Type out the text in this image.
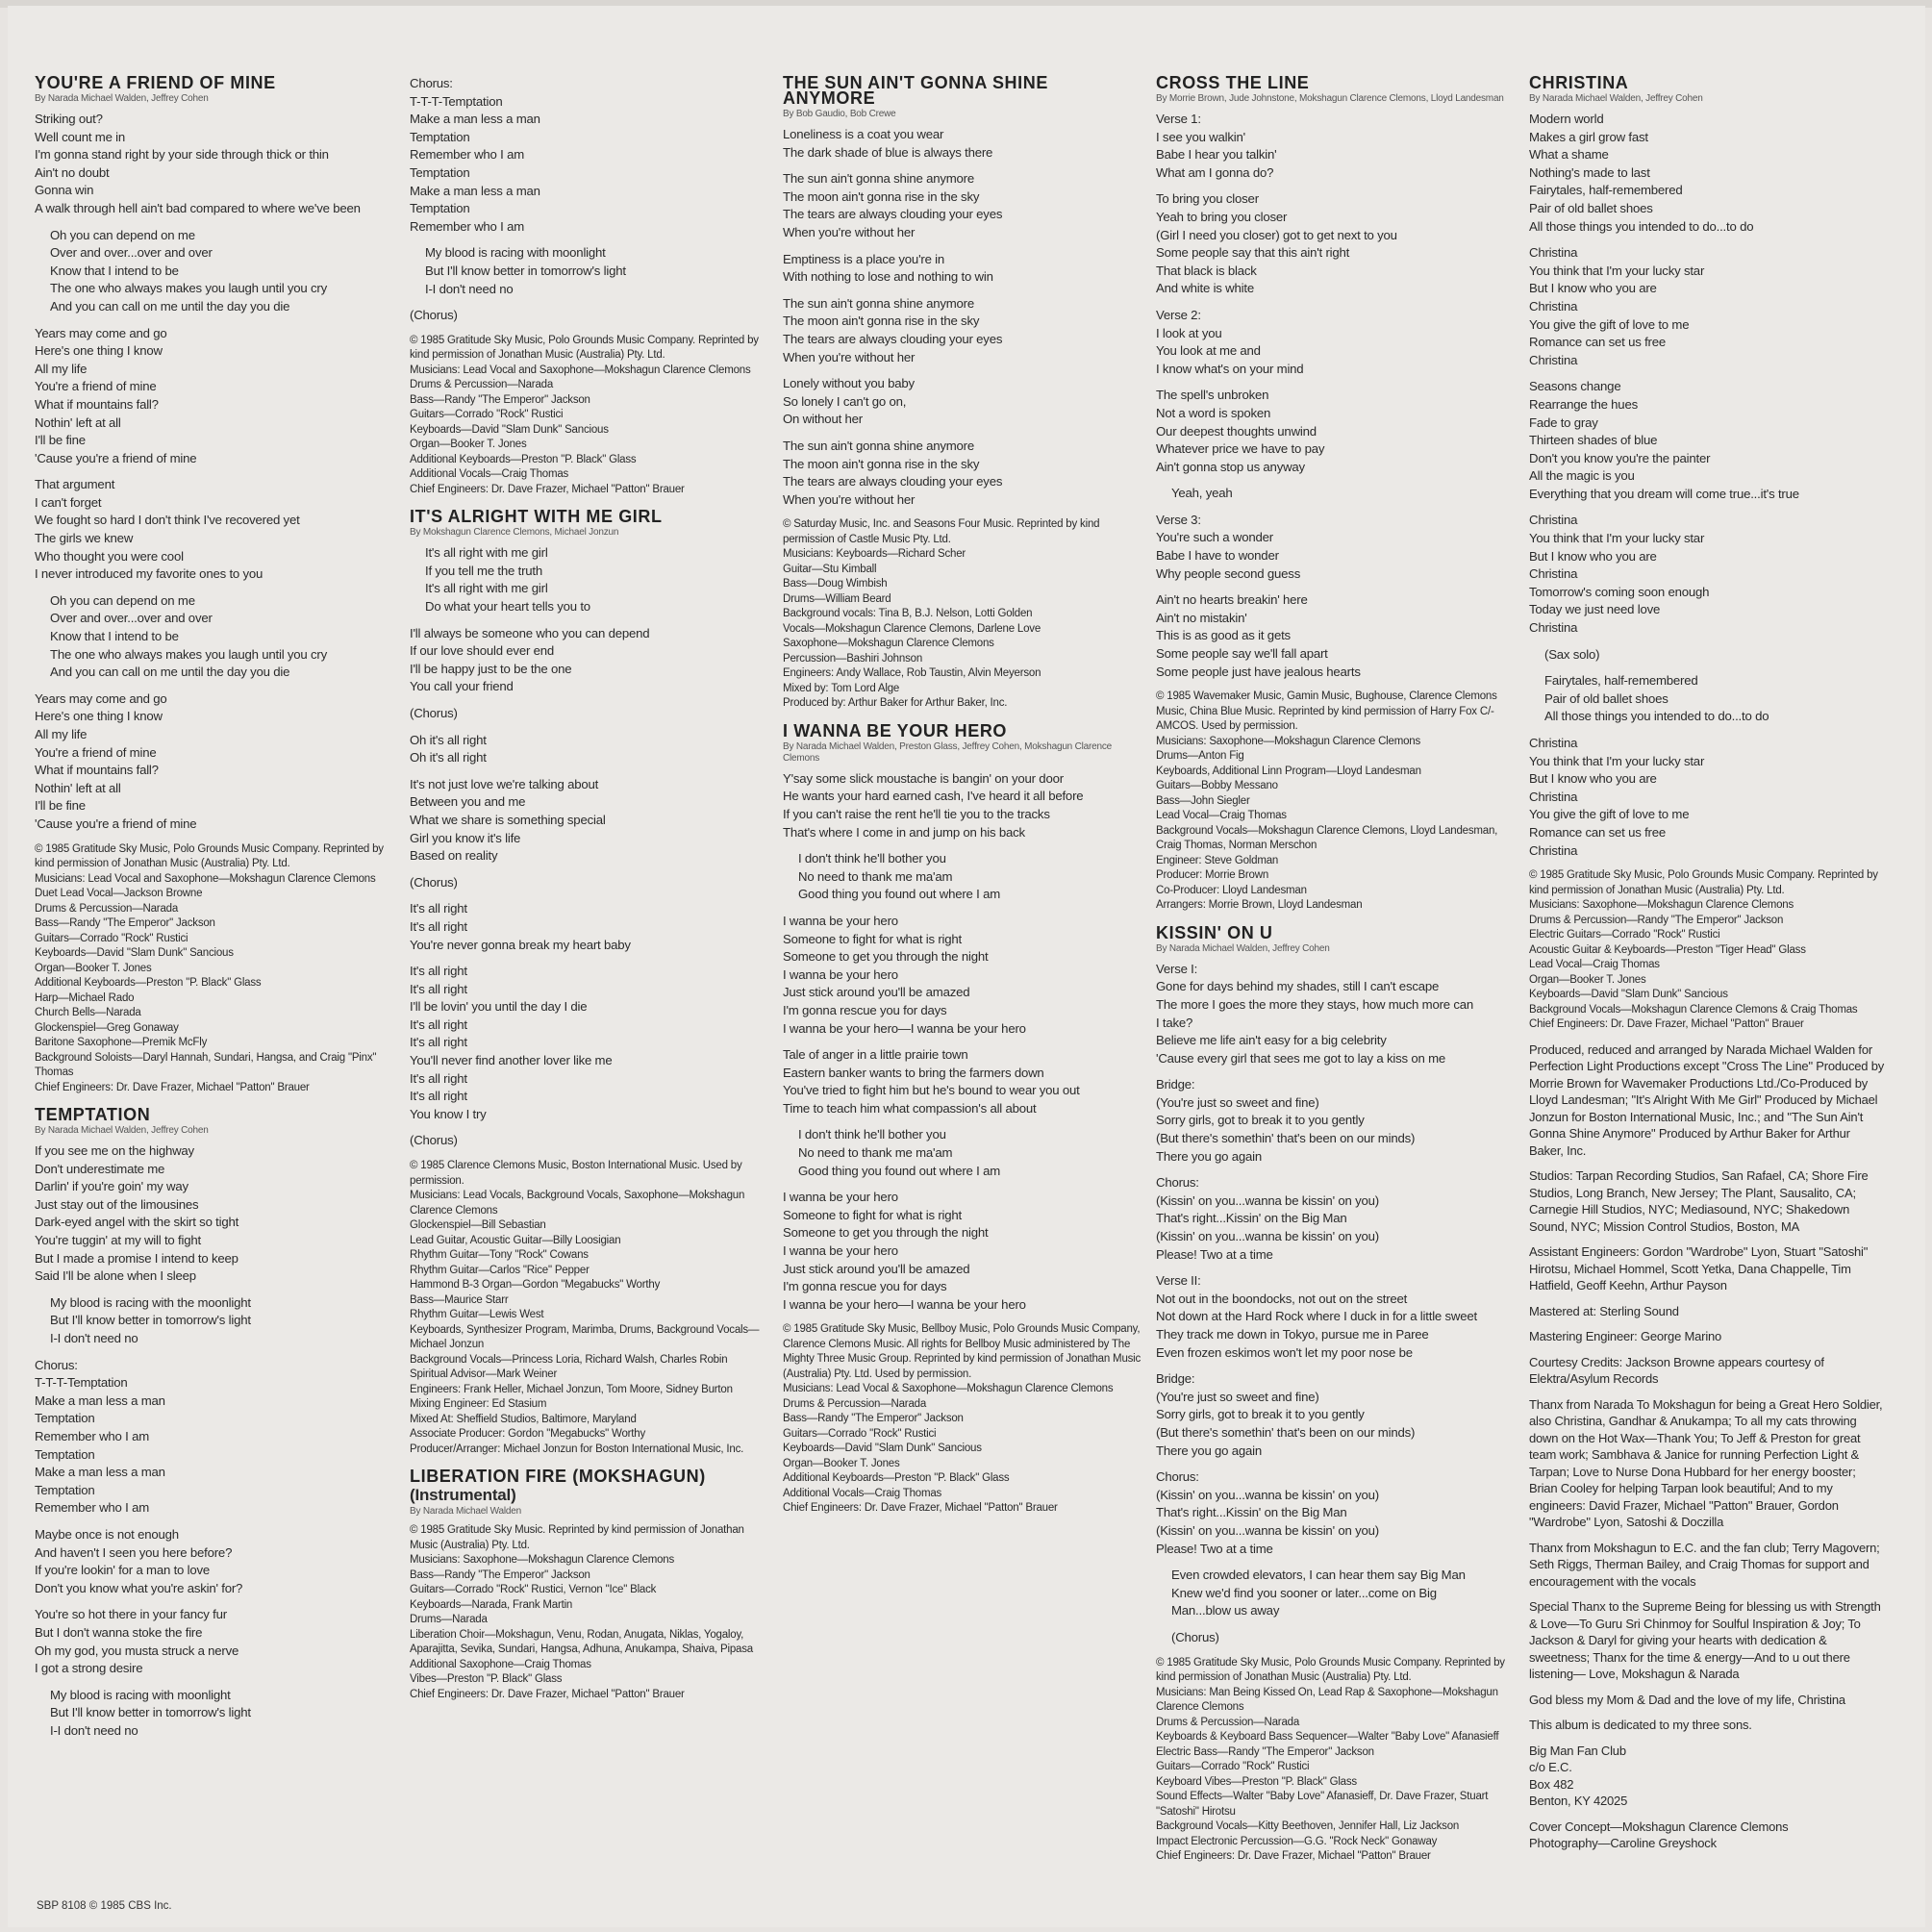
YOU'RE A FRIEND OF MINE
By Narada Michael Walden, Jeffrey Cohen
Striking out?
Well count me in
I'm gonna stand right by your side through thick or thin
Ain't no doubt
Gonna win
A walk through hell ain't bad compared to where we've been
Oh you can depend on me
Over and over...over and over
Know that I intend to be
The one who always makes you laugh until you cry
And you can call on me until the day you die
Years may come and go
Here's one thing I know
All my life
You're a friend of mine
What if mountains fall?
Nothin' left at all
I'll be fine
'Cause you're a friend of mine
That argument
I can't forget
We fought so hard I don't think I've recovered yet
The girls we knew
Who thought you were cool
I never introduced my favorite ones to you
Oh you can depend on me
Over and over...over and over
Know that I intend to be
The one who always makes you laugh until you cry
And you can call on me until the day you die
Years may come and go
Here's one thing I know
All my life
You're a friend of mine
What if mountains fall?
Nothin' left at all
I'll be fine
'Cause you're a friend of mine
© 1985 Gratitude Sky Music, Polo Grounds Music Company. Reprinted by kind permission of Jonathan Music (Australia) Pty. Ltd.
Musicians: Lead Vocal and Saxophone—Mokshagun Clarence Clemons
Duet Lead Vocal—Jackson Browne
Drums & Percussion—Narada
Bass—Randy "The Emperor" Jackson
Guitars—Corrado "Rock" Rustici
Keyboards—David "Slam Dunk" Sancious
Organ—Booker T. Jones
Additional Keyboards—Preston "P. Black" Glass
Harp—Michael Rado
Church Bells—Narada
Glockenspiel—Greg Gonaway
Baritone Saxophone—Premik McFly
Background Soloists—Daryl Hannah, Sundari, Hangsa, and Craig "Pinx" Thomas
Chief Engineers: Dr. Dave Frazer, Michael "Patton" Brauer
TEMPTATION
By Narada Michael Walden, Jeffrey Cohen
If you see me on the highway
Don't underestimate me
Darlin' if you're goin' my way
Just stay out of the limousines
Dark-eyed angel with the skirt so tight
You're tuggin' at my will to fight
But I made a promise I intend to keep
Said I'll be alone when I sleep
My blood is racing with the moonlight
But I'll know better in tomorrow's light
I-I don't need no
Chorus:
T-T-T-Temptation
Make a man less a man
Temptation
Remember who I am
Temptation
Make a man less a man
Temptation
Remember who I am
Maybe once is not enough
And haven't I seen you here before?
If you're lookin' for a man to love
Don't you know what you're askin' for?
You're so hot there in your fancy fur
But I don't wanna stoke the fire
Oh my god, you musta struck a nerve
I got a strong desire
My blood is racing with moonlight
But I'll know better in tomorrow's light
I-I don't need no
Chorus:
T-T-T-Temptation
Make a man less a man
Temptation
Remember who I am
Temptation
Make a man less a man
Temptation
Remember who I am
My blood is racing with moonlight
But I'll know better in tomorrow's light
I-I don't need no
(Chorus)
© 1985 Gratitude Sky Music, Polo Grounds Music Company. Reprinted by kind permission of Jonathan Music (Australia) Pty. Ltd.
Musicians: Lead Vocal and Saxophone—Mokshagun Clarence Clemons
Drums & Percussion—Narada
Bass—Randy "The Emperor" Jackson
Guitars—Corrado "Rock" Rustici
Keyboards—David "Slam Dunk" Sancious
Organ—Booker T. Jones
Additional Keyboards—Preston "P. Black" Glass
Additional Vocals—Craig Thomas
Chief Engineers: Dr. Dave Frazer, Michael "Patton" Brauer
IT'S ALRIGHT WITH ME GIRL
By Mokshagun Clarence Clemons, Michael Jonzun
It's all right with me girl
If you tell me the truth
It's all right with me girl
Do what your heart tells you to
I'll always be someone who you can depend
If our love should ever end
I'll be happy just to be the one
You call your friend
(Chorus)
Oh it's all right
Oh it's all right
It's not just love we're talking about
Between you and me
What we share is something special
Girl you know it's life
Based on reality
(Chorus)
It's all right
It's all right
You're never gonna break my heart baby
It's all right
It's all right
I'll be lovin' you until the day I die
It's all right
It's all right
You'll never find another lover like me
It's all right
It's all right
You know I try
(Chorus)
© 1985 Clarence Clemons Music, Boston International Music. Used by permission.
Musicians: Lead Vocals, Background Vocals, Saxophone—Mokshagun Clarence Clemons
Glockenspiel—Bill Sebastian
Lead Guitar, Acoustic Guitar—Billy Loosigian
Rhythm Guitar—Tony "Rock" Cowans
Rhythm Guitar—Carlos "Rice" Pepper
Hammond B-3 Organ—Gordon "Megabucks" Worthy
Bass—Maurice Starr
Rhythm Guitar—Lewis West
Keyboards, Synthesizer Program, Marimba, Drums, Background Vocals—Michael Jonzun
Background Vocals—Princess Loria, Richard Walsh, Charles Robin
Spiritual Advisor—Mark Weiner
Engineers: Frank Heller, Michael Jonzun, Tom Moore, Sidney Burton
Mixing Engineer: Ed Stasium
Mixed At: Sheffield Studios, Baltimore, Maryland
Associate Producer: Gordon "Megabucks" Worthy
Producer/Arranger: Michael Jonzun for Boston International Music, Inc.
LIBERATION FIRE (MOKSHAGUN)
(Instrumental)
By Narada Michael Walden
© 1985 Gratitude Sky Music. Reprinted by kind permission of Jonathan Music (Australia) Pty. Ltd.
Musicians: Saxophone—Mokshagun Clarence Clemons
Bass—Randy "The Emperor" Jackson
Guitars—Corrado "Rock" Rustici, Vernon "Ice" Black
Keyboards—Narada, Frank Martin
Drums—Narada
Liberation Choir—Mokshagun, Venu, Rodan, Anugata, Niklas, Yogaloy, Aparajitta, Sevika, Sundari, Hangsa, Adhuna, Anukampa, Shaiva, Pipasa
Additional Saxophone—Craig Thomas
Vibes—Preston "P. Black" Glass
Chief Engineers: Dr. Dave Frazer, Michael "Patton" Brauer
THE SUN AIN'T GONNA SHINE ANYMORE
By Bob Gaudio, Bob Crewe
Loneliness is a coat you wear
The dark shade of blue is always there
The sun ain't gonna shine anymore
The moon ain't gonna rise in the sky
The tears are always clouding your eyes
When you're without her
Emptiness is a place you're in
With nothing to lose and nothing to win
The sun ain't gonna shine anymore
The moon ain't gonna rise in the sky
The tears are always clouding your eyes
When you're without her
Lonely without you baby
So lonely I can't go on,
On without her
The sun ain't gonna shine anymore
The moon ain't gonna rise in the sky
The tears are always clouding your eyes
When you're without her
© Saturday Music, Inc. and Seasons Four Music. Reprinted by kind permission of Castle Music Pty. Ltd.
Musicians: Keyboards—Richard Scher
Guitar—Stu Kimball
Bass—Doug Wimbish
Drums—William Beard
Background vocals: Tina B, B.J. Nelson, Lotti Golden
Vocals—Mokshagun Clarence Clemons, Darlene Love
Saxophone—Mokshagun Clarence Clemons
Percussion—Bashiri Johnson
Engineers: Andy Wallace, Rob Taustin, Alvin Meyerson
Mixed by: Tom Lord Alge
Produced by: Arthur Baker for Arthur Baker, Inc.
I WANNA BE YOUR HERO
By Narada Michael Walden, Preston Glass, Jeffrey Cohen, Mokshagun Clarence Clemons
Y'say some slick moustache is bangin' on your door
He wants your hard earned cash, I've heard it all before
If you can't raise the rent he'll tie you to the tracks
That's where I come in and jump on his back
I don't think he'll bother you
No need to thank me ma'am
Good thing you found out where I am
I wanna be your hero
Someone to fight for what is right
Someone to get you through the night
I wanna be your hero
Just stick around you'll be amazed
I'm gonna rescue you for days
I wanna be your hero—I wanna be your hero
Tale of anger in a little prairie town
Eastern banker wants to bring the farmers down
You've tried to fight him but he's bound to wear you out
Time to teach him what compassion's all about
I don't think he'll bother you
No need to thank me ma'am
Good thing you found out where I am
I wanna be your hero
Someone to fight for what is right
Someone to get you through the night
I wanna be your hero
Just stick around you'll be amazed
I'm gonna rescue you for days
I wanna be your hero—I wanna be your hero
© 1985 Gratitude Sky Music, Bellboy Music, Polo Grounds Music Company, Clarence Clemons Music. All rights for Bellboy Music administered by The Mighty Three Music Group. Reprinted by kind permission of Jonathan Music (Australia) Pty. Ltd. Used by permission.
Musicians: Lead Vocal & Saxophone—Mokshagun Clarence Clemons
Drums & Percussion—Narada
Bass—Randy "The Emperor" Jackson
Guitars—Corrado "Rock" Rustici
Keyboards—David "Slam Dunk" Sancious
Organ—Booker T. Jones
Additional Keyboards—Preston "P. Black" Glass
Additional Vocals—Craig Thomas
Chief Engineers: Dr. Dave Frazer, Michael "Patton" Brauer
CROSS THE LINE
By Morrie Brown, Jude Johnstone, Mokshagun Clarence Clemons, Lloyd Landesman
Verse 1:
I see you walkin'
Babe I hear you talkin'
What am I gonna do?
To bring you closer
Yeah to bring you closer
(Girl I need you closer) got to get next to you
Some people say that this ain't right
That black is black
And white is white
Verse 2:
I look at you
You look at me and
I know what's on your mind
The spell's unbroken
Not a word is spoken
Our deepest thoughts unwind
Whatever price we have to pay
Ain't gonna stop us anyway
Yeah, yeah
Verse 3:
You're such a wonder
Babe I have to wonder
Why people second guess
Ain't no hearts breakin' here
Ain't no mistakin'
This is as good as it gets
Some people say we'll fall apart
Some people just have jealous hearts
© 1985 Wavemaker Music, Gamin Music, Bughouse, Clarence Clemons Music, China Blue Music. Reprinted by kind permission of Harry Fox C/- AMCOS. Used by permission.
Musicians: Saxophone—Mokshagun Clarence Clemons
Drums—Anton Fig
Keyboards, Additional Linn Program—Lloyd Landesman
Guitars—Bobby Messano
Bass—John Siegler
Lead Vocal—Craig Thomas
Background Vocals—Mokshagun Clarence Clemons, Lloyd Landesman, Craig Thomas, Norman Merschon
Engineer: Steve Goldman
Producer: Morrie Brown
Co-Producer: Lloyd Landesman
Arrangers: Morrie Brown, Lloyd Landesman
KISSIN' ON U
By Narada Michael Walden, Jeffrey Cohen
Verse I:
Gone for days behind my shades, still I can't escape
The more I goes the more they stays, how much more can
I take?
Believe me life ain't easy for a big celebrity
'Cause every girl that sees me got to lay a kiss on me
Bridge:
(You're just so sweet and fine)
Sorry girls, got to break it to you gently
(But there's somethin' that's been on our minds)
There you go again
Chorus:
(Kissin' on you...wanna be kissin' on you)
That's right...Kissin' on the Big Man
(Kissin' on you...wanna be kissin' on you)
Please! Two at a time
Verse II:
Not out in the boondocks, not out on the street
Not down at the Hard Rock where I duck in for a little sweet
They track me down in Tokyo, pursue me in Paree
Even frozen eskimos won't let my poor nose be
Bridge:
(You're just so sweet and fine)
Sorry girls, got to break it to you gently
(But there's somethin' that's been on our minds)
There you go again
Chorus:
(Kissin' on you...wanna be kissin' on you)
That's right...Kissin' on the Big Man
(Kissin' on you...wanna be kissin' on you)
Please! Two at a time
Even crowded elevators, I can hear them say Big Man
Knew we'd find you sooner or later...come on Big
Man...blow us away
(Chorus)
© 1985 Gratitude Sky Music, Polo Grounds Music Company. Reprinted by kind permission of Jonathan Music (Australia) Pty. Ltd.
Musicians: Man Being Kissed On, Lead Rap & Saxophone—Mokshagun Clarence Clemons
Drums & Percussion—Narada
Keyboards & Keyboard Bass Sequencer—Walter "Baby Love" Afanasieff
Electric Bass—Randy "The Emperor" Jackson
Guitars—Corrado "Rock" Rustici
Keyboard Vibes—Preston "P. Black" Glass
Sound Effects—Walter "Baby Love" Afanasieff, Dr. Dave Frazer, Stuart "Satoshi" Hirotsu
Background Vocals—Kitty Beethoven, Jennifer Hall, Liz Jackson
Impact Electronic Percussion—G.G. "Rock Neck" Gonaway
Chief Engineers: Dr. Dave Frazer, Michael "Patton" Brauer
CHRISTINA
By Narada Michael Walden, Jeffrey Cohen
Modern world
Makes a girl grow fast
What a shame
Nothing's made to last
Fairytales, half-remembered
Pair of old ballet shoes
All those things you intended to do...to do
Christina
You think that I'm your lucky star
But I know who you are
Christina
You give the gift of love to me
Romance can set us free
Christina
Seasons change
Rearrange the hues
Fade to gray
Thirteen shades of blue
Don't you know you're the painter
All the magic is you
Everything that you dream will come true...it's true
Christina
You think that I'm your lucky star
But I know who you are
Christina
Tomorrow's coming soon enough
Today we just need love
Christina
(Sax solo)
Fairytales, half-remembered
Pair of old ballet shoes
All those things you intended to do...to do
Christina
You think that I'm your lucky star
But I know who you are
Christina
You give the gift of love to me
Romance can set us free
Christina
© 1985 Gratitude Sky Music, Polo Grounds Music Company. Reprinted by kind permission of Jonathan Music (Australia) Pty. Ltd.
Musicians: Saxophone—Mokshagun Clarence Clemons
Drums & Percussion—Randy "The Emperor" Jackson
Electric Guitars—Corrado "Rock" Rustici
Acoustic Guitar & Keyboards—Preston "Tiger Head" Glass
Lead Vocal—Craig Thomas
Organ—Booker T. Jones
Keyboards—David "Slam Dunk" Sancious
Background Vocals—Mokshagun Clarence Clemons & Craig Thomas
Chief Engineers: Dr. Dave Frazer, Michael "Patton" Brauer
Produced, reduced and arranged by Narada Michael Walden for Perfection Light Productions except "Cross The Line" Produced by Morrie Brown for Wavemaker Productions Ltd./Co-Produced by Lloyd Landesman; "It's Alright With Me Girl" Produced by Michael Jonzun for Boston International Music, Inc.; and "The Sun Ain't Gonna Shine Anymore" Produced by Arthur Baker for Arthur Baker, Inc.
Studios: Tarpan Recording Studios, San Rafael, CA; Shore Fire Studios, Long Branch, New Jersey; The Plant, Sausalito, CA; Carnegie Hill Studios, NYC; Mediasound, NYC; Shakedown Sound, NYC; Mission Control Studios, Boston, MA
Assistant Engineers: Gordon "Wardrobe" Lyon, Stuart "Satoshi" Hirotsu, Michael Hommel, Scott Yetka, Dana Chappelle, Tim Hatfield, Geoff Keehn, Arthur Payson
Mastered at: Sterling Sound
Mastering Engineer: George Marino
Courtesy Credits: Jackson Browne appears courtesy of Elektra/Asylum Records
Thanx from Narada To Mokshagun for being a Great Hero Soldier, also Christina, Gandhar & Anukampa; To all my cats throwing down on the Hot Wax—Thank You; To Jeff & Preston for great team work; Sambhava & Janice for running Perfection Light & Tarpan; Love to Nurse Dona Hubbard for her energy booster; Brian Cooley for helping Tarpan look beautiful; And to my engineers: David Frazer, Michael "Patton" Brauer, Gordon "Wardrobe" Lyon, Satoshi & Doczilla
Thanx from Mokshagun to E.C. and the fan club; Terry Magovern; Seth Riggs, Therman Bailey, and Craig Thomas for support and encouragement with the vocals
Special Thanx to the Supreme Being for blessing us with Strength & Love—To Guru Sri Chinmoy for Soulful Inspiration & Joy; To Jackson & Daryl for giving your hearts with dedication & sweetness; Thanx for the time & energy—And to u out there listening— Love, Mokshagun & Narada
God bless my Mom & Dad and the love of my life, Christina
This album is dedicated to my three sons.
Big Man Fan Club
c/o E.C.
Box 482
Benton, KY 42025
Cover Concept—Mokshagun Clarence Clemons
Photography—Caroline Greyshock
SBP 8108 © 1985 CBS Inc.
